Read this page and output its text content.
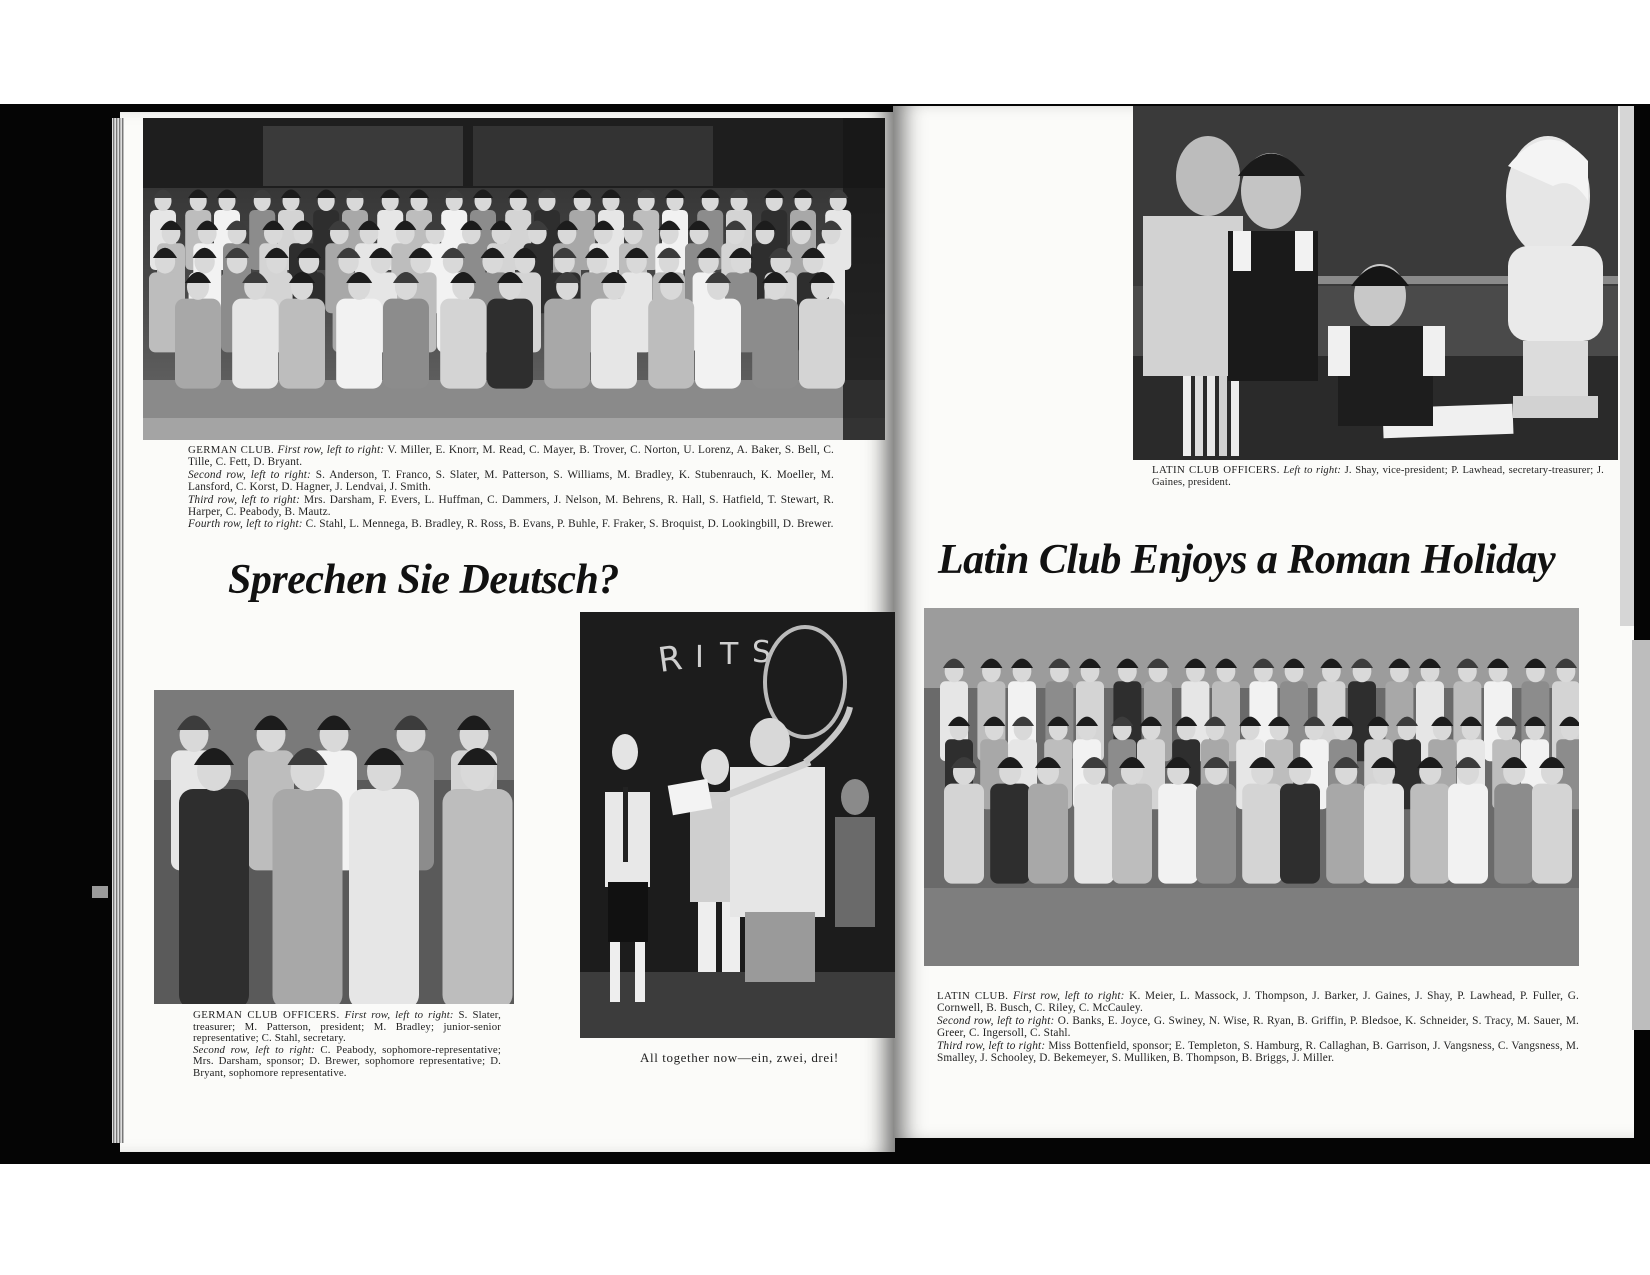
GERMAN CLUB. First row, left to right: V. Miller, E. Knorr, M. Read, C. Mayer, B. Trover, C. Norton, U. Lorenz, A. Baker, S. Bell, C. Tille, C. Fett, D. Bryant.
Second row, left to right: S. Anderson, T. Franco, S. Slater, M. Patterson, S. Williams, M. Bradley, K. Stubenrauch, K. Moeller, M. Lansford, C. Korst, D. Hagner, J. Lendvai, J. Smith.
Third row, left to right: Mrs. Darsham, F. Evers, L. Huffman, C. Dammers, J. Nelson, M. Behrens, R. Hall, S. Hatfield, T. Stewart, R. Harper, C. Peabody, B. Mautz.
Fourth row, left to right: C. Stahl, L. Mennega, B. Bradley, R. Ross, B. Evans, P. Buhle, F. Fraker, S. Broquist, D. Lookingbill, D. Brewer.
Sprechen Sie Deutsch?
GERMAN CLUB OFFICERS. First row, left to right: S. Slater, treasurer; M. Patterson, president; M. Bradley; junior-senior representative; C. Stahl, secretary.
Second row, left to right: C. Peabody, sophomore-representative; Mrs. Darsham, sponsor; D. Brewer, sophomore representative; D. Bryant, sophomore representative.
R I T S
All together now—ein, zwei, drei!
LATIN CLUB OFFICERS. Left to right: J. Shay, vice-president; P. Lawhead, secretary-treasurer; J. Gaines, president.
Latin Club Enjoys a Roman Holiday
LATIN CLUB. First row, left to right: K. Meier, L. Massock, J. Thompson, J. Barker, J. Gaines, J. Shay, P. Lawhead, P. Fuller, G. Cornwell, B. Busch, C. Riley, C. McCauley.
Second row, left to right: O. Banks, E. Joyce, G. Swiney, N. Wise, R. Ryan, B. Griffin, P. Bledsoe, K. Schneider, S. Tracy, M. Sauer, M. Greer, C. Ingersoll, C. Stahl.
Third row, left to right: Miss Bottenfield, sponsor; E. Templeton, S. Hamburg, R. Callaghan, B. Garrison, J. Vangsness, C. Vangsness, M. Smalley, J. Schooley, D. Bekemeyer, S. Mulliken, B. Thompson, B. Briggs, J. Miller.
